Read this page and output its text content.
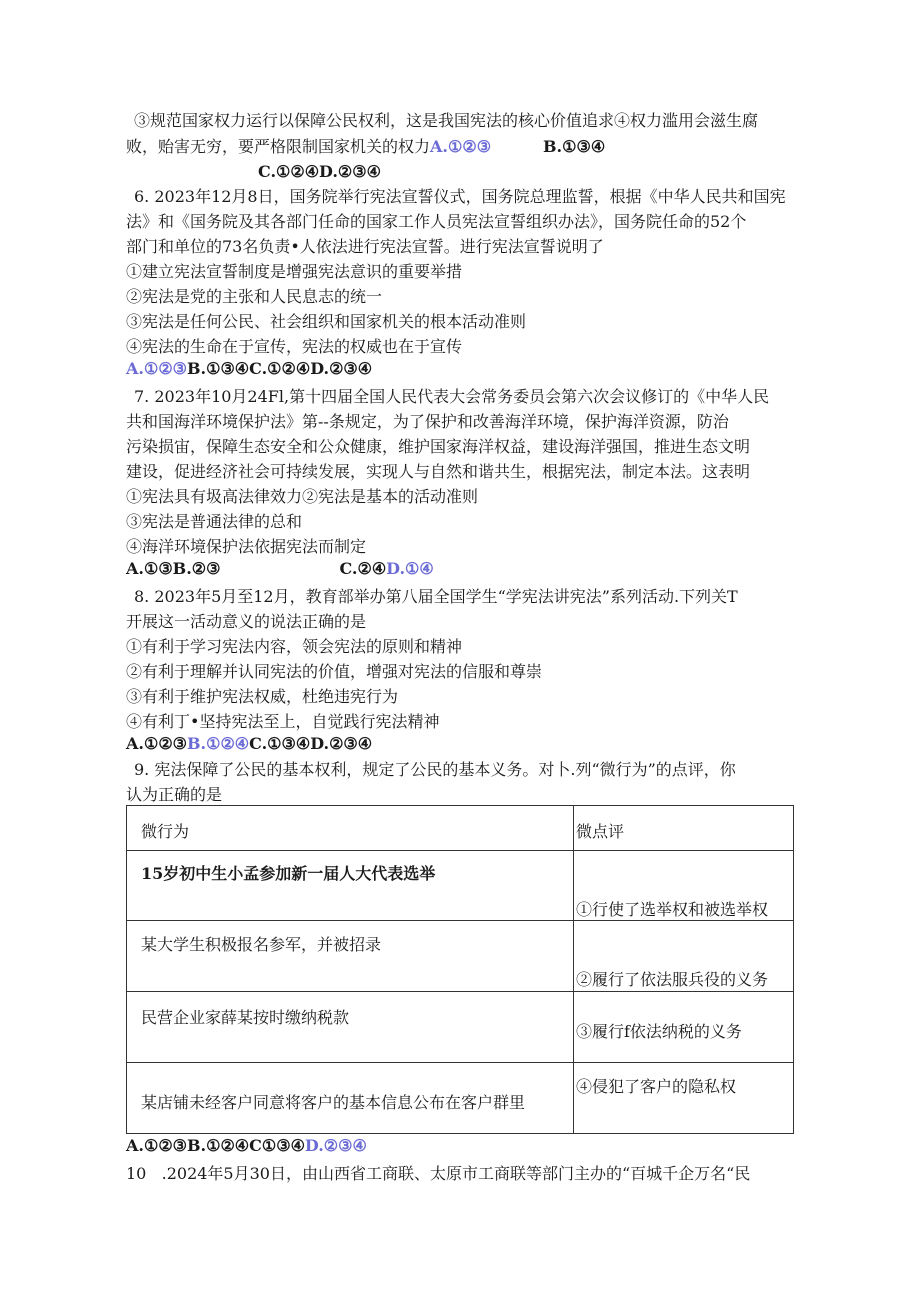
③规范国家权力运行以保障公民权利，这是我国宪法的核心价值追求④权力滥用会滋生腐
败，贻害无穷，要严格限制国家机关的权力A.①②③	B.①③④
C.①②④D.②③④
6. 2023年12月8日，国务院举行宪法宣誓仪式，国务院总理监誓，根据《中华人民共和国宪
法》和《国务院及其各部门任命的国家工作人员宪法宣誓组织办法》，国务院任命的52个
部门和单位的73名负责•人依法进行宪法宣誓。进行宪法宣誓说明了
①建立宪法宣誓制度是增强宪法意识的重要举措
②宪法是党的主张和人民息志的统一
③宪法是任何公民、社会组织和国家机关的根本活动准则
④宪法的生命在于宣传，宪法的权威也在于宣传
A.①②③B.①③④C.①②④D.②③④
7. 2023年10月24Fl,第十四届全国人民代表大会常务委员会第六次会议修订的《中华人民
共和国海洋环境保护法》第--条规定，为了保护和改善海洋环境，保护海洋资源，防治
污染损宙，保障生态安全和公众健康，维护国家海洋权益，建设海洋强国，推进生态文明
建设，促进经济社会可持续发展，实现人与自然和谐共生，根据宪法，制定本法。这表明
①宪法具有圾高法律效力②宪法是基本的活动准则
③宪法是普通法律的总和
④海洋环境保护法依据宪法而制定
A.①③B.②③	C.②④D.①④
8. 2023年5月至12月，教育部举办第八届全国学生“学宪法讲宪法”系列活动.下列关T
开展这一活动意义的说法正确的是
①有利于学习宪法内容，领会宪法的原则和精神
②有利于理解并认同宪法的价值，增强对宪法的信服和尊崇
③有利于维护宪法权威，杜绝违宪行为
④有利丁•坚持宪法至上，自觉践行宪法精神
A.①②③B.①②④C.①③④D.②③④
9. 宪法保障了公民的基本权利，规定了公民的基本义务。对卜.列“微行为”的点评，你
认为正确的是
微行为	微点评

15岁初中生小孟参加新一届人大代表选举	①行使了选举权和被选举权

某大学生积极报名参军，并被招录	②履行了依法服兵役的义务

民营企业家薛某按时缴纳税款	③履行f依法纳税的义务

某店铺未经客户同意将客户的基本信息公布在客户群里	④侵犯了客户的隐私权
A.①②③B.①②④C①③④D.②③④
10   .2024年5月30日，由山西省工商联、太原市工商联等部门主办的“百城千企万名“民
